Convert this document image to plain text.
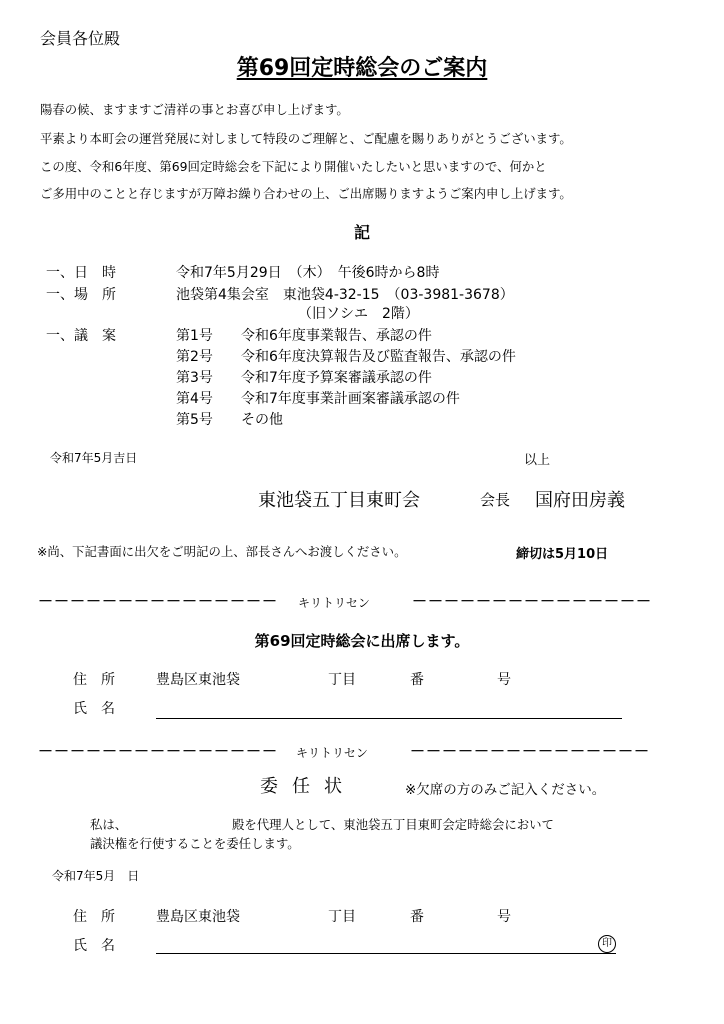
会員各位殿
第69回定時総会のご案内
陽春の候、ますますご清祥の事とお喜び申し上げます。
平素より本町会の運営発展に対しまして特段のご理解と、ご配慮を賜りありがとうございます。
この度、令和6年度、第69回定時総会を下記により開催いたしたいと思いますので、何かと
ご多用中のことと存じますが万障お繰り合わせの上、ご出席賜りますようご案内申し上げます。
記
一、日　時	令和7年5月29日　（木）　午後6時から8時
一、場　所	池袋第4集会室　東池袋4-32-15　（03-3981-3678）
（旧ソシエ　2階）
一、議　案	第1号 令和6年度事業報告、承認の件
第2号 令和6年度決算報告及び監査報告、承認の件
第3号 令和7年度予算案審議承認の件
第4号 令和7年度事業計画案審議承認の件
第5号 その他
令和7年5月吉日	以上
東池袋五丁目東町会	会長 国府田房義
※尚、下記書面に出欠をご明記の上、部長さんへお渡しください。	締切は5月10日
－－－－－－－－－－－－－－－ キリトリセン	－－－－－－－－－－－－－－－
第69回定時総会に出席します。
住　所	豊島区東池袋	丁目	番	号
氏　名
－－－－－－－－－－－－－－－ キリトリセン	－－－－－－－－－－－－－－－
委任状	※欠席の方のみご記入ください。
私は、	殿を代理人として、東池袋五丁目東町会定時総会において
議決権を行使することを委任します。
令和7年5月　日
住　所	豊島区東池袋	丁目	番	号
氏　名	印
